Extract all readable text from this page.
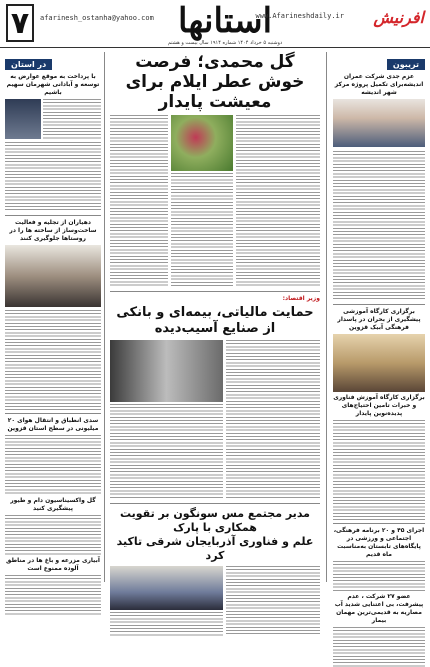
۷	afarinesh_ostanha@yahoo.com استانها
www.Afarineshdaily.ir افرنیش
دوشنبه ۵ خرداد ۱۴۰۴ شماره ۱۹۱۴ سال بیست و هشتم
تریبون
عزم جدی شرکت عمران اندیشه‌برای تکمیل پروژه مرکز شهر اندیشه
برگزاری کارگاه آموزشی پیشگیری از بحران در پاسدار فرهنگی آبیک قزوین
برگزاری کارگاه آموزش فناوری و خبرات تامین احتیاج‌های پدیده‌نوین پایدار
اجرای ۴۵ و ۲۰ برنامه فرهنگی، اجتماعی و ورزشی در پایگاه‌های تابستان به‌مناسبت ماه قدیم
عضو ۲۷ شرکت ، عدم پیشرفت، بی اعتنایی شدید آب مصاریه به قدیمی‌ترین مهمان بیمار
گل محمدی؛ فرصت خوش عطر ایلام برای
معیشت پایدار
وزیر اقتصاد:
حمایت مالیاتی، بیمه‌ای و بانکی از صنایع آسیب‌دیده
مدیر مجتمع مس سونگون بر تقویت همکاری با پارک
علم و فناوری آذربایجان شرقی تاکید کرد
در استان
با پرداخت به موقع عوارض به توسعه و آبادانی شهرمان سهیم باشیم
دهیاران از تجلیه و فعالیت ساخت‌وساز از ساخته ها را در روستاها جلوگیری کنند
سدی انطباق و انتقال هوای ۲۰ میلیونی در سطح استان قزوین
گل واکسیناسیون دام و طیور پیشگیری کنید
آبیاری مزرعه و باغ ها در مناطق آلوده ممنوع است
